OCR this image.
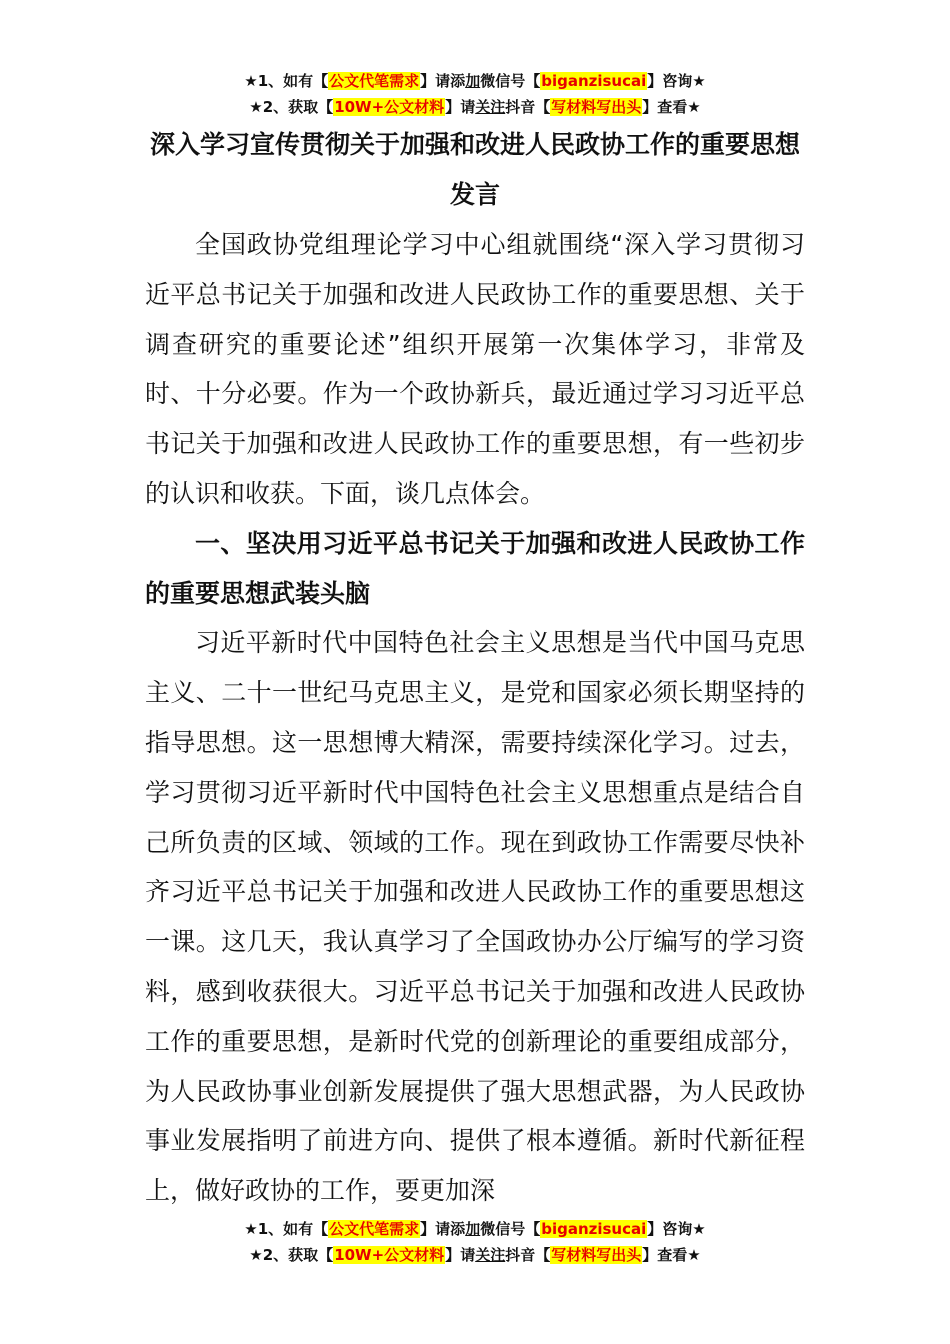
★1、如有【公文代笔需求】请添加微信号【biganzisucai】咨询★
★2、获取【10W+公文材料】请关注抖音【写材料写出头】查看★
深入学习宣传贯彻关于加强和改进人民政协工作的重要思想发言

全国政协党组理论学习中心组就围绕“深入学习贯彻习近平总书记关于加强和改进人民政协工作的重要思想、关于调查研究的重要论述”组织开展第一次集体学习，非常及时、十分必要。作为一个政协新兵，最近通过学习习近平总书记关于加强和改进人民政协工作的重要思想，有一些初步的认识和收获。下面，谈几点体会。

一、坚决用习近平总书记关于加强和改进人民政协工作的重要思想武装头脑

习近平新时代中国特色社会主义思想是当代中国马克思主义、二十一世纪马克思主义，是党和国家必须长期坚持的指导思想。这一思想博大精深，需要持续深化学习。过去，学习贯彻习近平新时代中国特色社会主义思想重点是结合自己所负责的区域、领域的工作。现在到政协工作需要尽快补齐习近平总书记关于加强和改进人民政协工作的重要思想这一课。这几天，我认真学习了全国政协办公厅编写的学习资料，感到收获很大。习近平总书记关于加强和改进人民政协工作的重要思想，是新时代党的创新理论的重要组成部分，为人民政协事业创新发展提供了强大思想武器，为人民政协事业发展指明了前进方向、提供了根本遵循。新时代新征程上，做好政协的工作，要更加深

★1、如有【公文代笔需求】请添加微信号【biganzisucai】咨询★
★2、获取【10W+公文材料】请关注抖音【写材料写出头】查看★
